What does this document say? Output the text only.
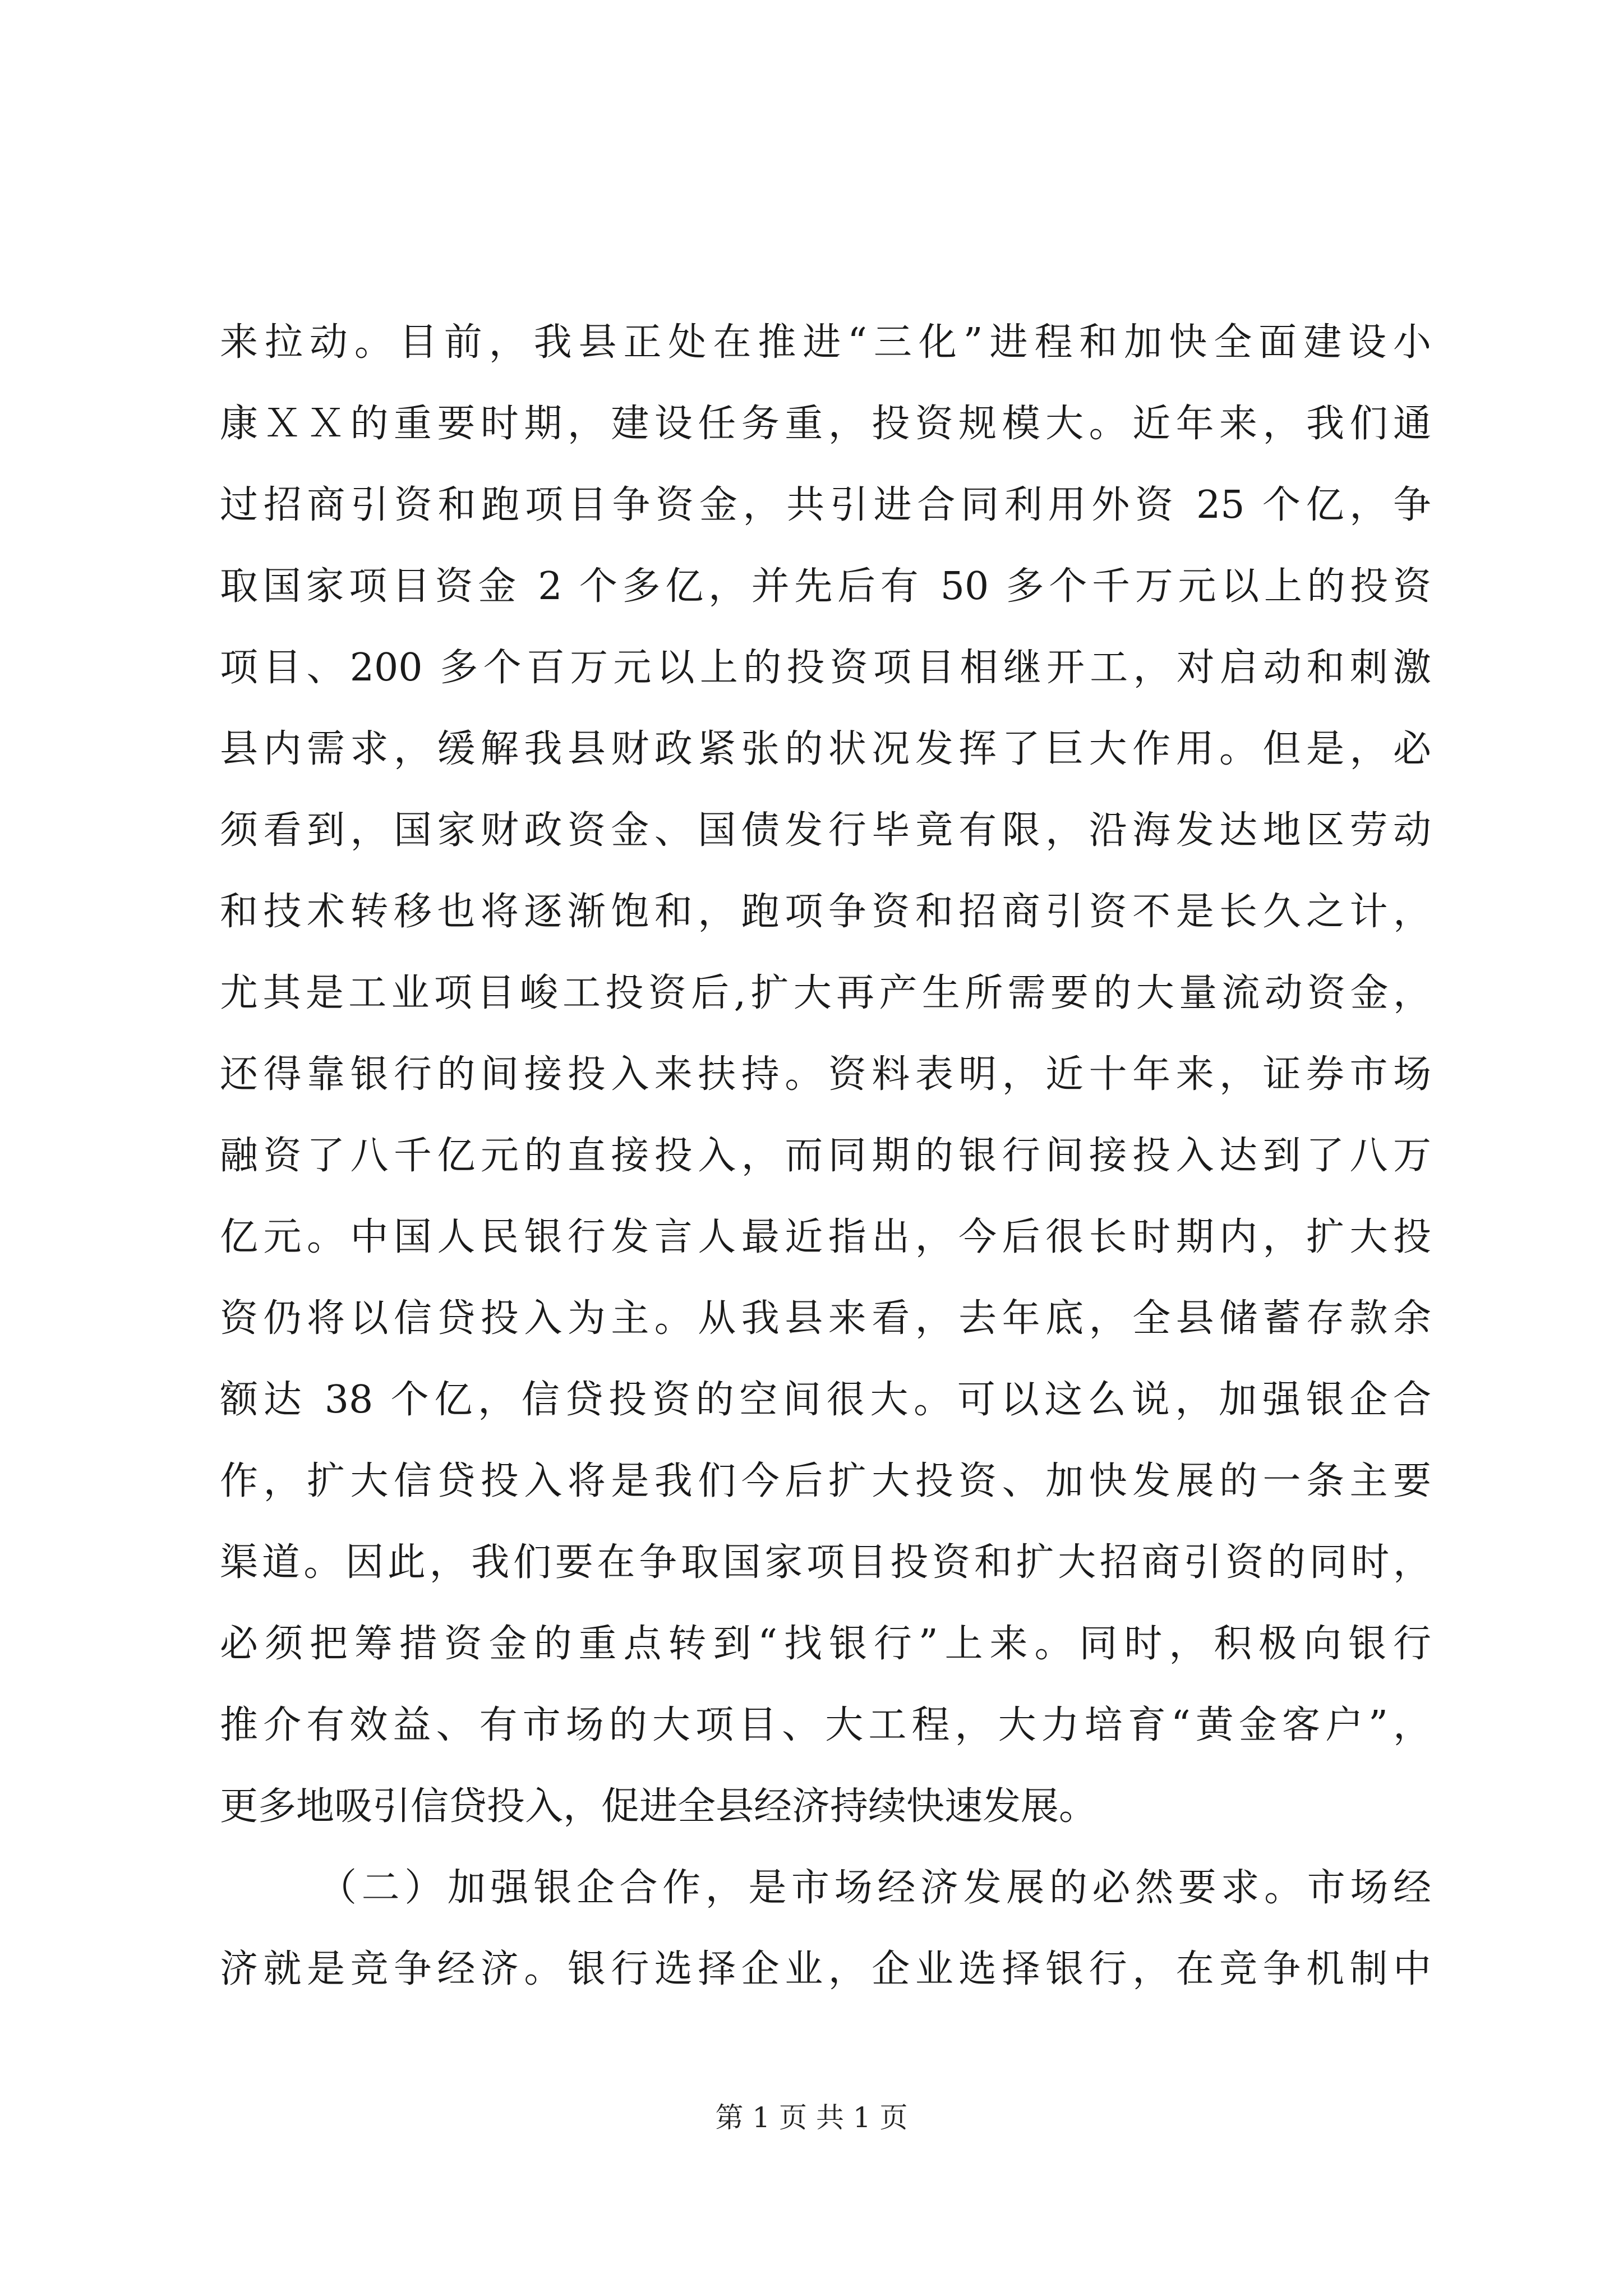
来拉动。目前，我县正处在推进“三化”进程和加快全面建设小
康ＸＸ的重要时期，建设任务重，投资规模大。近年来，我们通
过招商引资和跑项目争资金，共引进合同利用外资 25 个亿，争
取国家项目资金 2 个多亿，并先后有 50 多个千万元以上的投资
项目、200 多个百万元以上的投资项目相继开工，对启动和刺激
县内需求，缓解我县财政紧张的状况发挥了巨大作用。但是，必
须看到，国家财政资金、国债发行毕竟有限，沿海发达地区劳动
和技术转移也将逐渐饱和，跑项争资和招商引资不是长久之计，
尤其是工业项目峻工投资后,扩大再产生所需要的大量流动资金，
还得靠银行的间接投入来扶持。资料表明，近十年来，证券市场
融资了八千亿元的直接投入，而同期的银行间接投入达到了八万
亿元。中国人民银行发言人最近指出，今后很长时期内，扩大投
资仍将以信贷投入为主。从我县来看，去年底，全县储蓄存款余
额达 38 个亿，信贷投资的空间很大。可以这么说，加强银企合
作，扩大信贷投入将是我们今后扩大投资、加快发展的一条主要
渠道。因此，我们要在争取国家项目投资和扩大招商引资的同时，
必须把筹措资金的重点转到“找银行”上来。同时，积极向银行
推介有效益、有市场的大项目、大工程，大力培育“黄金客户”，
更多地吸引信贷投入，促进全县经济持续快速发展。
（二）加强银企合作，是市场经济发展的必然要求。市场经
济就是竞争经济。银行选择企业，企业选择银行，在竞争机制中
第 1 页 共 1 页
